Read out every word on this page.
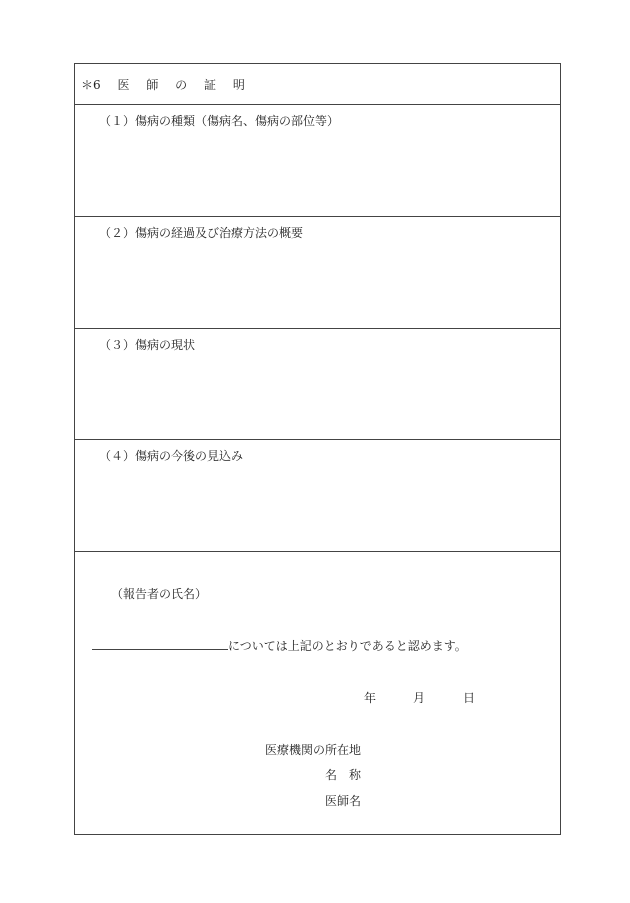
＊6 医 師 の 証 明
（１）傷病の種類（傷病名、傷病の部位等）
（２）傷病の経過及び治療方法の概要
（３）傷病の現状
（４）傷病の今後の見込み
（報告者の氏名）
については上記のとおりであると認めます。
年	月	日
医療機関の所在地
名 称
医師名
